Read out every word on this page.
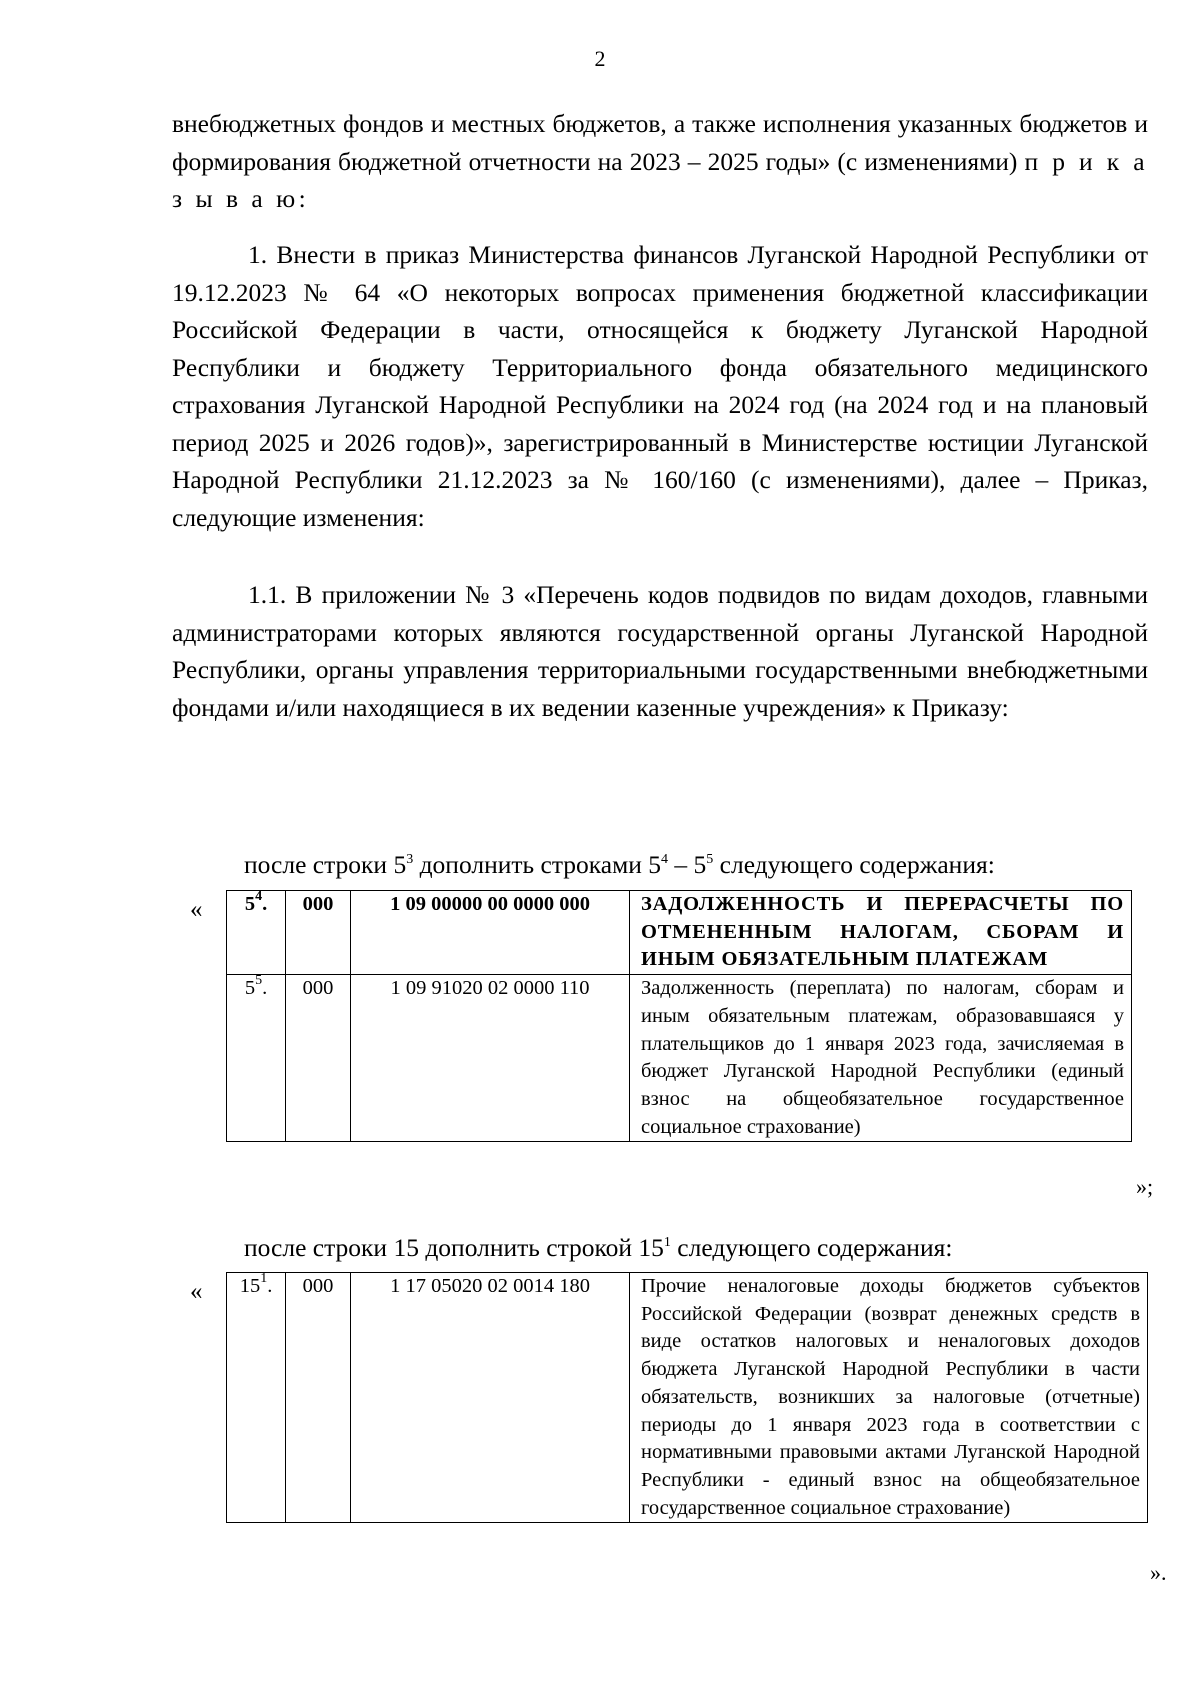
2
внебюджетных фондов и местных бюджетов, а также исполнения указанных бюджетов и формирования бюджетной отчетности на 2023 – 2025 годы» (с изменениями) п р и к а з ы в а ю:
1. Внести в приказ Министерства финансов Луганской Народной Республики от 19.12.2023 № 64 «О некоторых вопросах применения бюджетной классификации Российской Федерации в части, относящейся к бюджету Луганской Народной Республики и бюджету Территориального фонда обязательного медицинского страхования Луганской Народной Республики на 2024 год (на 2024 год и на плановый период 2025 и 2026 годов)», зарегистрированный в Министерстве юстиции Луганской Народной Республики 21.12.2023 за № 160/160 (с изменениями), далее – Приказ, следующие изменения:
1.1. В приложении № 3 «Перечень кодов подвидов по видам доходов, главными администраторами которых являются государственной органы Луганской Народной Республики, органы управления территориальными государственными внебюджетными фондами и/или находящиеся в их ведении казенные учреждения» к Приказу:
после строки $5^3$ дополнить строками $5^4 - 5^5$ следующего содержания:
« $5^4$.	000	1 09 00000 00 0000 000	ЗАДОЛЖЕННОСТЬ И ПЕРЕРАСЧЕТЫ ПО ОТМЕНЕННЫМ НАЛОГАМ, СБОРАМ И ИНЫМ ОБЯЗАТЕЛЬНЫМ ПЛАТЕЖАМ
$5^5$.	000	1 09 91020 02 0000 110	Задолженность (переплата) по налогам, сборам и иным обязательным платежам, образовавшаяся у плательщиков до 1 января 2023 года, зачисляемая в бюджет Луганской Народной Республики (единый взнос на общеобязательное государственное социальное страхование)
»;
после строки 15 дополнить строкой $15^1$ следующего содержания:
« $15^1$.	000	1 17 05020 02 0014 180	Прочие неналоговые доходы бюджетов субъектов Российской Федерации (возврат денежных средств в виде остатков налоговых и неналоговых доходов бюджета Луганской Народной Республики в части обязательств, возникших за налоговые (отчетные) периоды до 1 января 2023 года в соответствии с нормативными правовыми актами Луганской Народной Республики - единый взнос на общеобязательное государственное социальное страхование)
».
